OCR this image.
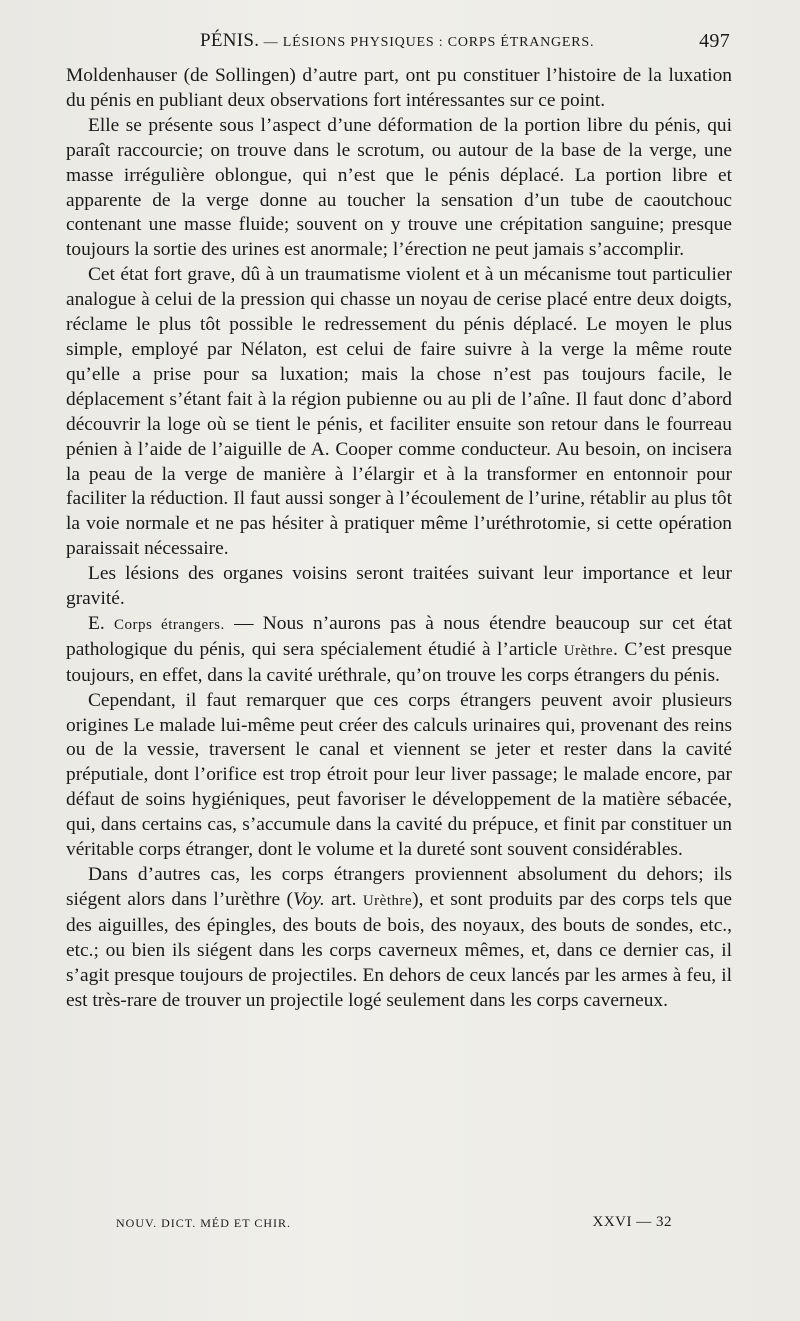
PÉNIS. — LÉSIONS PHYSIQUES : CORPS ÉTRANGERS.	497

Moldenhauser (de Sollingen) d’autre part, ont pu constituer l’histoire de la luxation du pénis en publiant deux observations fort intéressantes sur ce point.

Elle se présente sous l’aspect d’une déformation de la portion libre du pénis, qui paraît raccourcie; on trouve dans le scrotum, ou autour de la base de la verge, une masse irrégulière oblongue, qui n’est que le pénis déplacé. La portion libre et apparente de la verge donne au toucher la sensation d’un tube de caoutchouc contenant une masse fluide; souvent on y trouve une crépitation sanguine; presque toujours la sortie des urines est anormale; l’érection ne peut jamais s’accomplir.

Cet état fort grave, dû à un traumatisme violent et à un mécanisme tout particulier analogue à celui de la pression qui chasse un noyau de cerise placé entre deux doigts, réclame le plus tôt possible le redressement du pénis déplacé. Le moyen le plus simple, employé par Nélaton, est celui de faire suivre à la verge la même route qu’elle a prise pour sa luxation; mais la chose n’est pas toujours facile, le déplacement s’étant fait à la région pubienne ou au pli de l’aîne. Il faut donc d’abord découvrir la loge où se tient le pénis, et faciliter ensuite son retour dans le fourreau pénien à l’aide de l’aiguille de A. Cooper comme conducteur. Au besoin, on incisera la peau de la verge de manière à l’élargir et à la transformer en entonnoir pour faciliter la réduction. Il faut aussi songer à l’écoulement de l’urine, rétablir au plus tôt la voie normale et ne pas hésiter à pratiquer même l’uréthrotomie, si cette opération paraissait nécessaire.

Les lésions des organes voisins seront traitées suivant leur importance et leur gravité.

E. Corps étrangers. — Nous n’aurons pas à nous étendre beaucoup sur cet état pathologique du pénis, qui sera spécialement étudié à l’article Urèthre. C’est presque toujours, en effet, dans la cavité uréthrale, qu’on trouve les corps étrangers du pénis.

Cependant, il faut remarquer que ces corps étrangers peuvent avoir plusieurs origines Le malade lui-même peut créer des calculs urinaires qui, provenant des reins ou de la vessie, traversent le canal et viennent se jeter et rester dans la cavité préputiale, dont l’orifice est trop étroit pour leur liver passage; le malade encore, par défaut de soins hygiéniques, peut favoriser le développement de la matière sébacée, qui, dans certains cas, s’accumule dans la cavité du prépuce, et finit par constituer un véritable corps étranger, dont le volume et la dureté sont souvent considérables.

Dans d’autres cas, les corps étrangers proviennent absolument du dehors; ils siégent alors dans l’urèthre (Voy. art. Urèthre), et sont produits par des corps tels que des aiguilles, des épingles, des bouts de bois, des noyaux, des bouts de sondes, etc., etc.; ou bien ils siégent dans les corps caverneux mêmes, et, dans ce dernier cas, il s’agit presque toujours de projectiles. En dehors de ceux lancés par les armes à feu, il est très-rare de trouver un projectile logé seulement dans les corps caverneux.

NOUV. DICT. MÉD ET CHIR.	XXVI — 32
